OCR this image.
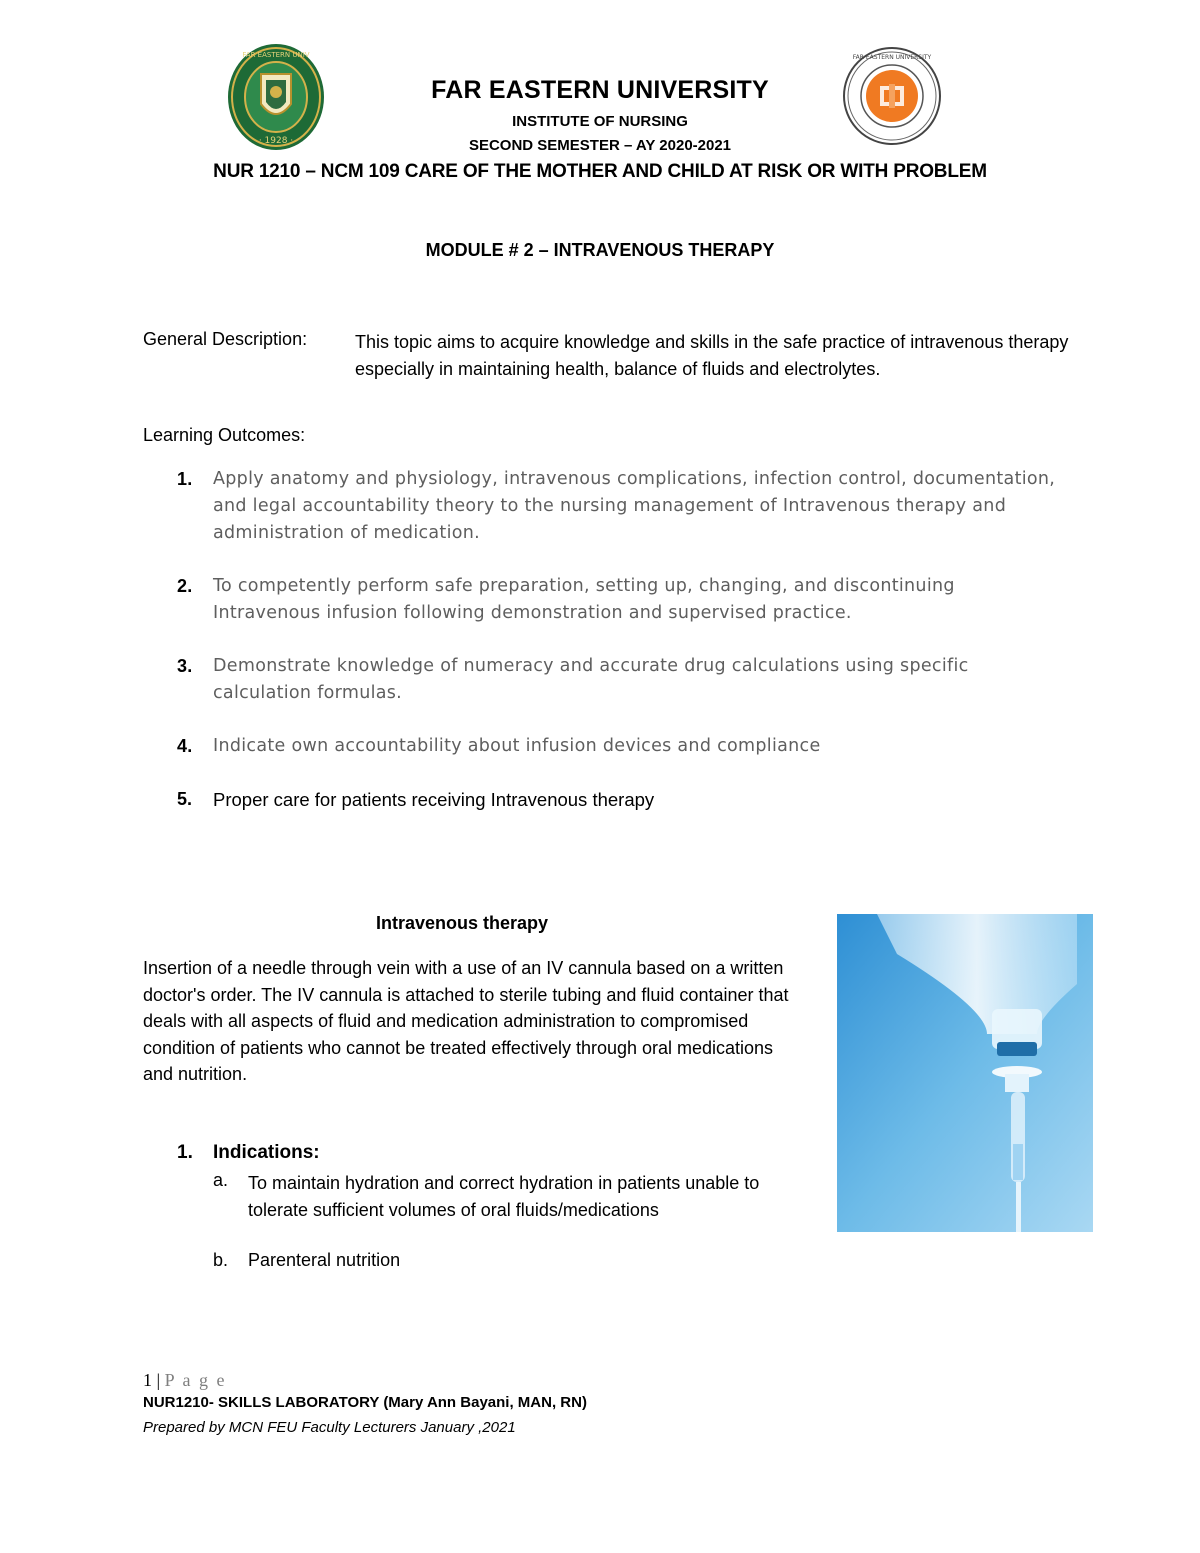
· 1928 ·
FAR EASTERN UNIV	FAR EASTERN UNIVERSITY
FAR EASTERN UNIVERSITY
INSTITUTE OF NURSING
SECOND SEMESTER – AY 2020-2021
NUR 1210 – NCM 109 CARE OF THE MOTHER AND CHILD AT RISK OR WITH PROBLEM
MODULE # 2 – INTRAVENOUS THERAPY
General Description:	This topic aims to acquire knowledge and skills in the safe practice of intravenous therapy especially in maintaining health, balance of fluids and electrolytes.
Learning Outcomes:
1. Apply anatomy and physiology, intravenous complications, infection control, documentation, and legal accountability theory to the nursing management of Intravenous therapy and administration of medication.
2. To competently perform safe preparation, setting up, changing, and discontinuing Intravenous infusion following demonstration and supervised practice.
3. Demonstrate knowledge of numeracy and accurate drug calculations using specific calculation formulas.
4. Indicate own accountability about infusion devices and compliance
5. Proper care for patients receiving Intravenous therapy
Intravenous therapy
Insertion of a needle through vein with a use of an IV cannula based on a written doctor's order. The IV cannula is attached to sterile tubing and fluid container that deals with all aspects of fluid and medication administration to compromised condition of patients who cannot be treated effectively through oral medications and nutrition.
1. Indications:
a. To maintain hydration and correct hydration in patients unable to tolerate sufficient volumes of oral fluids/medications
b. Parenteral nutrition
1 | P a g e
NUR1210- SKILLS LABORATORY (Mary Ann Bayani, MAN, RN)
Prepared by MCN FEU Faculty Lecturers January ,2021
